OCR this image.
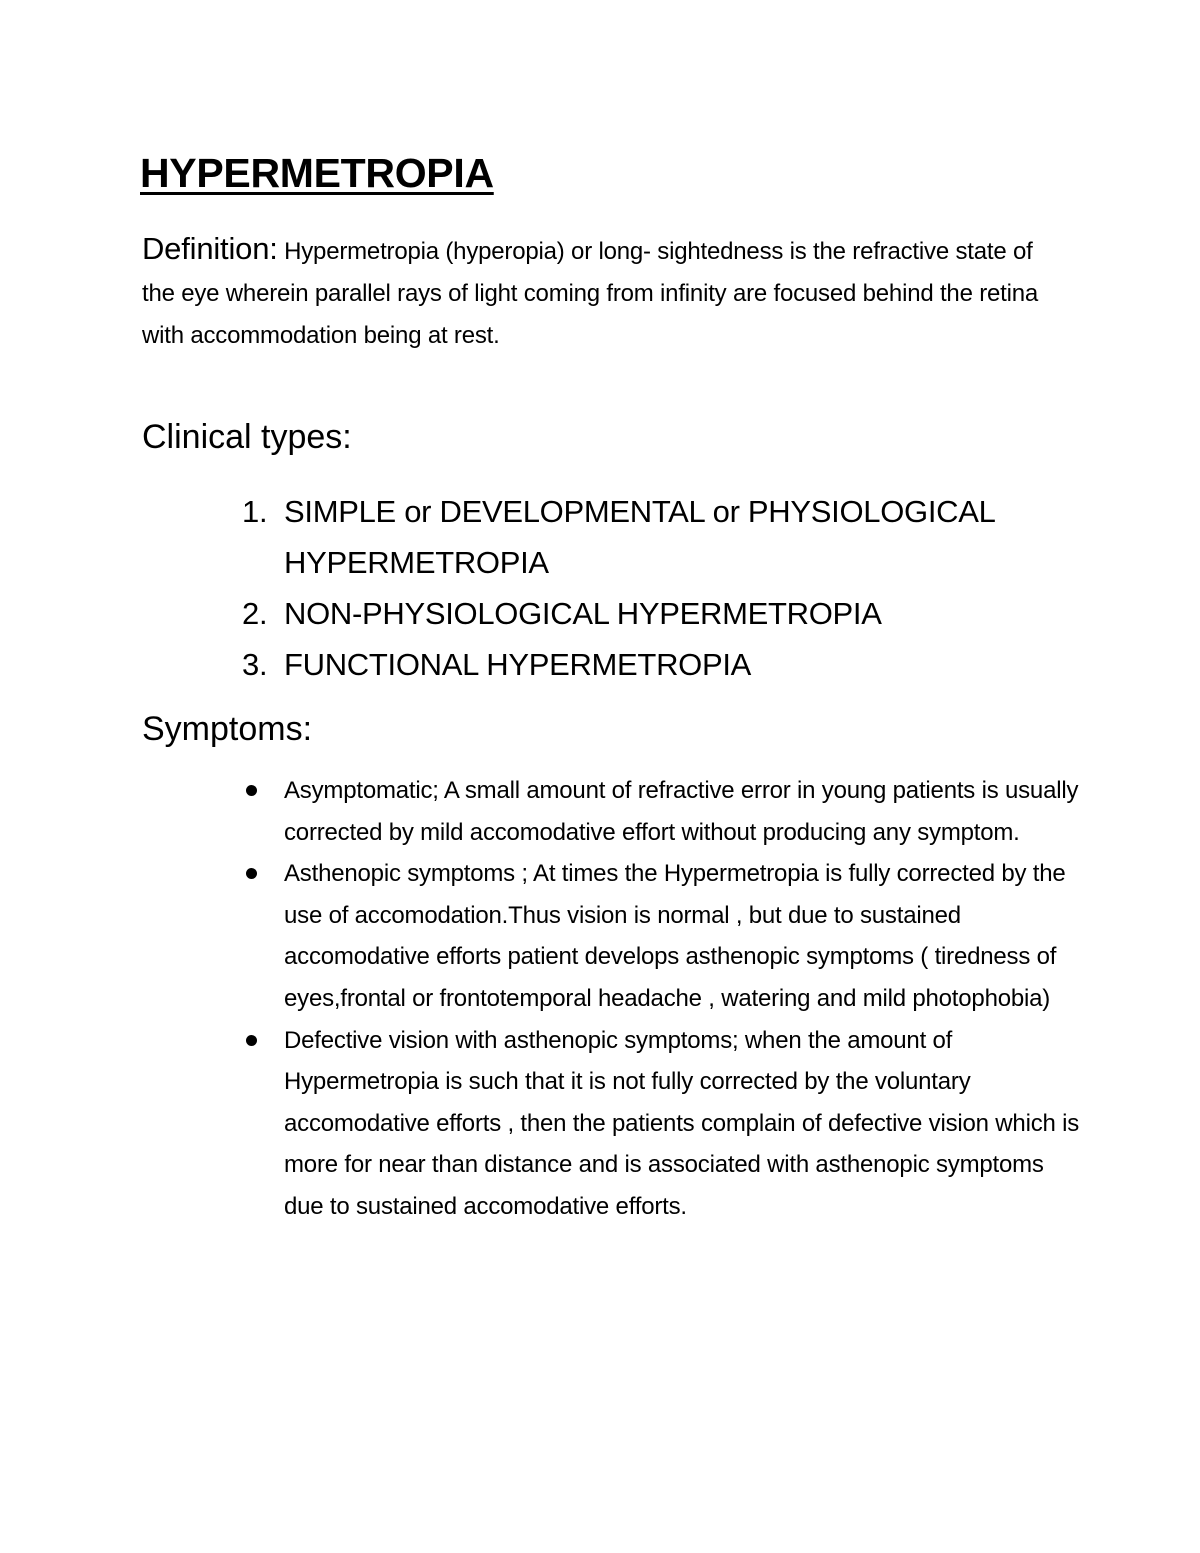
HYPERMETROPIA

Definition: Hypermetropia (hyperopia) or long- sightedness is the refractive state of the eye wherein parallel rays of light coming from infinity are focused behind the retina with accommodation being at rest.

Clinical types:
1. SIMPLE or DEVELOPMENTAL or PHYSIOLOGICAL HYPERMETROPIA
2. NON-PHYSIOLOGICAL HYPERMETROPIA
3. FUNCTIONAL HYPERMETROPIA
Symptoms:
Asymptomatic; A small amount of refractive error in young patients is usually corrected by mild accomodative effort without producing any symptom.
Asthenopic symptoms ; At times the Hypermetropia is fully corrected by the use of accomodation.Thus vision is normal , but due to sustained accomodative efforts patient develops asthenopic symptoms ( tiredness of eyes,frontal or frontotemporal headache , watering and mild photophobia)
Defective vision with asthenopic symptoms; when the amount of Hypermetropia is such that it is not fully corrected by the voluntary accomodative efforts , then the patients complain of defective vision which is more for near than distance and is associated with asthenopic symptoms due to sustained accomodative efforts.
